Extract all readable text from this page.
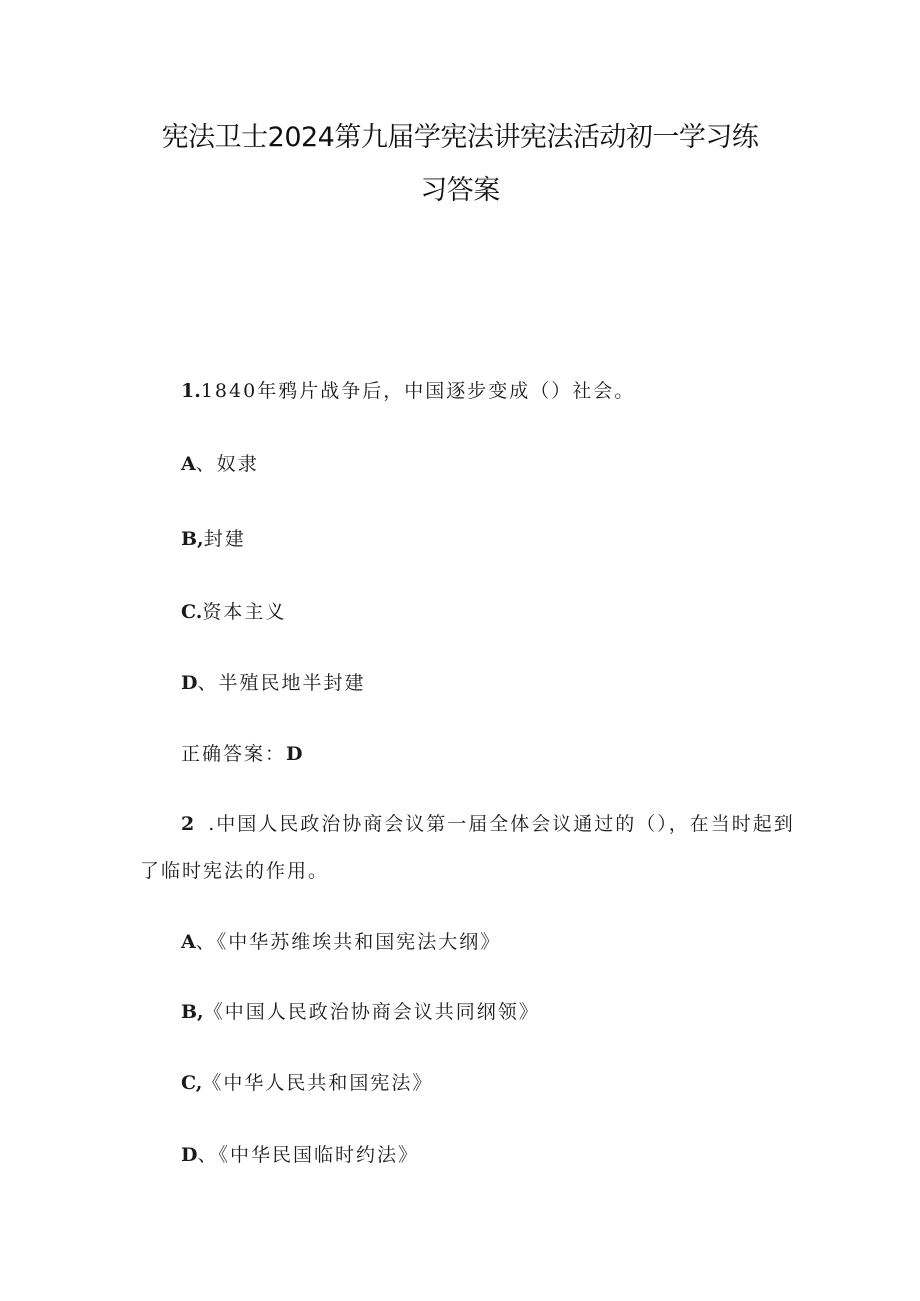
宪法卫士2024第九届学宪法讲宪法活动初一学习练
习答案
1.1840年鸦片战争后，中国逐步变成（）社会。
A、奴隶
B,封建
C.资本主义
D、半殖民地半封建
正确答案：D
2 .中国人民政治协商会议第一届全体会议通过的（），在当时起到
了临时宪法的作用。
A、《中华苏维埃共和国宪法大纲》
B,《中国人民政治协商会议共同纲领》
C,《中华人民共和国宪法》
D、《中华民国临时约法》
